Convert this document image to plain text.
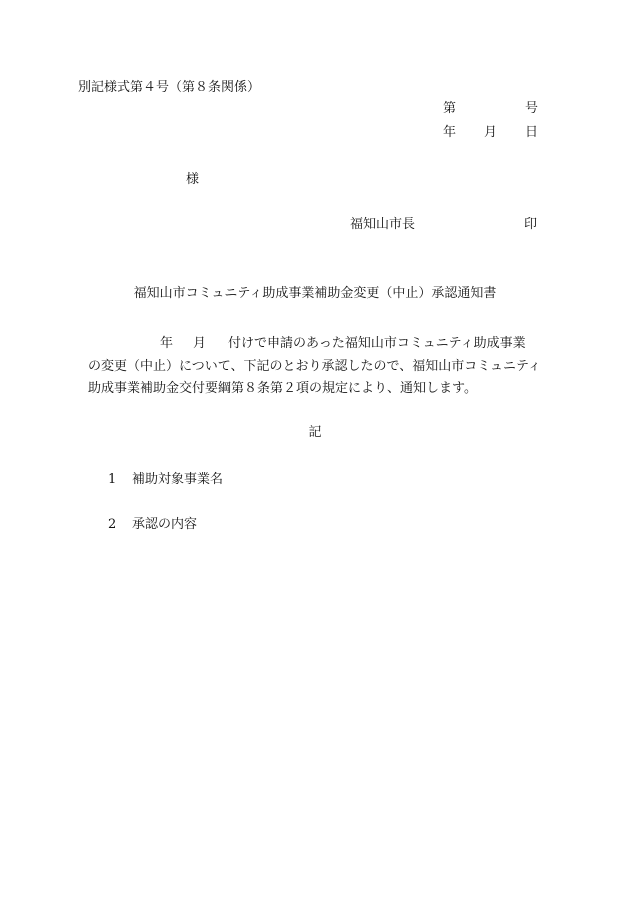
別記様式第４号（第８条関係）
第	号
年 月 日
様
福知山市長	印
福知山市コミュニティ助成事業補助金変更（中止）承認通知書

年 月 付けで申請のあった福知山市コミュニティ助成事業

の変更（中止）について、下記のとおり承認したので、福知山市コミュニティ

助成事業補助金交付要綱第８条第２項の規定により、通知します。

記
1 補助対象事業名
2 承認の内容
